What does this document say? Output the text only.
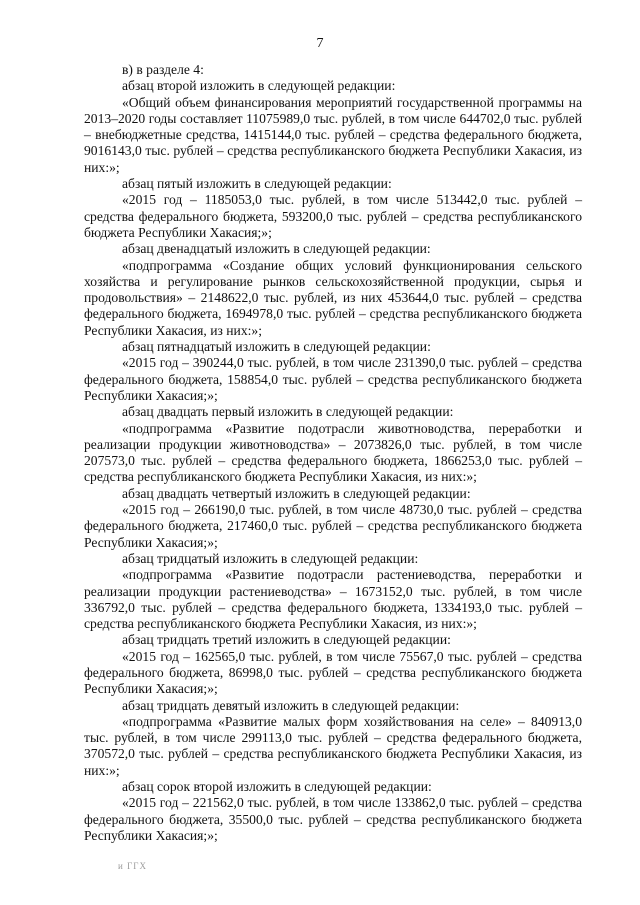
7

в) в разделе 4:

абзац второй изложить в следующей редакции:

«Общий объем финансирования мероприятий государственной программы на 2013–2020 годы составляет 11075989,0 тыс. рублей, в том числе 644702,0 тыс. рублей – внебюджетные средства, 1415144,0 тыс. рублей – средства федерального бюджета, 9016143,0 тыс. рублей – средства республиканского бюджета Республики Хакасия, из них:»;

абзац пятый изложить в следующей редакции:

«2015 год – 1185053,0 тыс. рублей, в том числе 513442,0 тыс. рублей – средства федерального бюджета, 593200,0 тыс. рублей – средства республиканского бюджета Республики Хакасия;»;

абзац двенадцатый изложить в следующей редакции:

«подпрограмма «Создание общих условий функционирования сельского хозяйства и регулирование рынков сельскохозяйственной продукции, сырья и продовольствия» – 2148622,0 тыс. рублей, из них 453644,0 тыс. рублей – средства федерального бюджета, 1694978,0 тыс. рублей – средства республиканского бюджета Республики Хакасия, из них:»;

абзац пятнадцатый изложить в следующей редакции:

«2015 год – 390244,0 тыс. рублей, в том числе 231390,0 тыс. рублей – средства федерального бюджета, 158854,0 тыс. рублей – средства республиканского бюджета Республики Хакасия;»;

абзац двадцать первый изложить в следующей редакции:

«подпрограмма «Развитие подотрасли животноводства, переработки и реализации продукции животноводства» – 2073826,0 тыс. рублей, в том числе 207573,0 тыс. рублей – средства федерального бюджета, 1866253,0 тыс. рублей – средства республиканского бюджета Республики Хакасия, из них:»;

абзац двадцать четвертый изложить в следующей редакции:

«2015 год – 266190,0 тыс. рублей, в том числе 48730,0 тыс. рублей – средства федерального бюджета, 217460,0 тыс. рублей – средства республиканского бюджета Республики Хакасия;»;

абзац тридцатый изложить в следующей редакции:

«подпрограмма «Развитие подотрасли растениеводства, переработки и реализации продукции растениеводства» – 1673152,0 тыс. рублей, в том числе 336792,0 тыс. рублей – средства федерального бюджета, 1334193,0 тыс. рублей – средства республиканского бюджета Республики Хакасия, из них:»;

абзац тридцать третий изложить в следующей редакции:

«2015 год – 162565,0 тыс. рублей, в том числе 75567,0 тыс. рублей – средства федерального бюджета, 86998,0 тыс. рублей – средства республиканского бюджета Республики Хакасия;»;

абзац тридцать девятый изложить в следующей редакции:

«подпрограмма «Развитие малых форм хозяйствования на селе» – 840913,0 тыс. рублей, в том числе 299113,0 тыс. рублей – средства федерального бюджета, 370572,0 тыс. рублей – средства республиканского бюджета Республики Хакасия, из них:»;

абзац сорок второй изложить в следующей редакции:

«2015 год – 221562,0 тыс. рублей, в том числе 133862,0 тыс. рублей – средства федерального бюджета, 35500,0 тыс. рублей – средства республиканского бюджета Республики Хакасия;»;

и ГГХ
